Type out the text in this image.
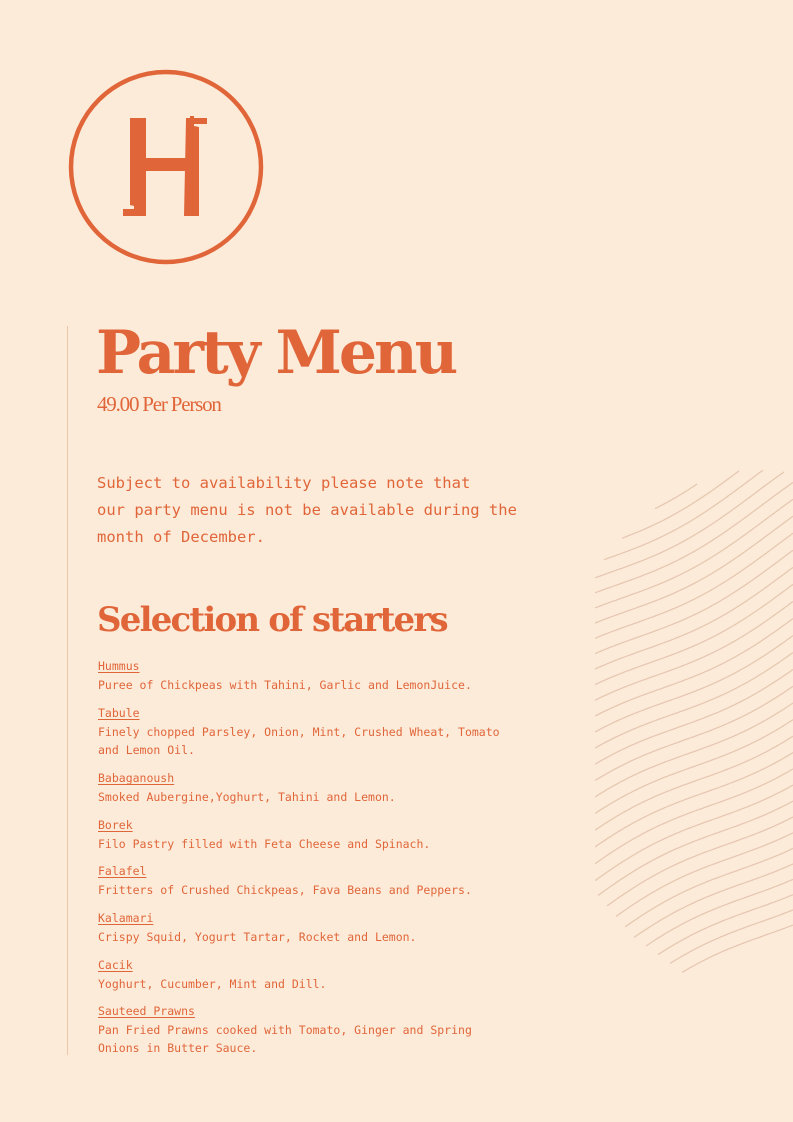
Party Menu
49.00 Per Person

Subject to availability please note that
our party menu is not be available during the
month of December.

Selection of starters
Hummus
Puree of Chickpeas with Tahini, Garlic and LemonJuice.
Tabule
Finely chopped Parsley, Onion, Mint, Crushed Wheat, Tomato and Lemon Oil.
Babaganoush
Smoked Aubergine,Yoghurt, Tahini and Lemon.
Borek
Filo Pastry filled with Feta Cheese and Spinach.
Falafel
Fritters of Crushed Chickpeas, Fava Beans and Peppers.
Kalamari
Crispy Squid, Yogurt Tartar, Rocket and Lemon.
Cacik
Yoghurt, Cucumber, Mint and Dill.
Sauteed Prawns
Pan Fried Prawns cooked with Tomato, Ginger and Spring Onions in Butter Sauce.
